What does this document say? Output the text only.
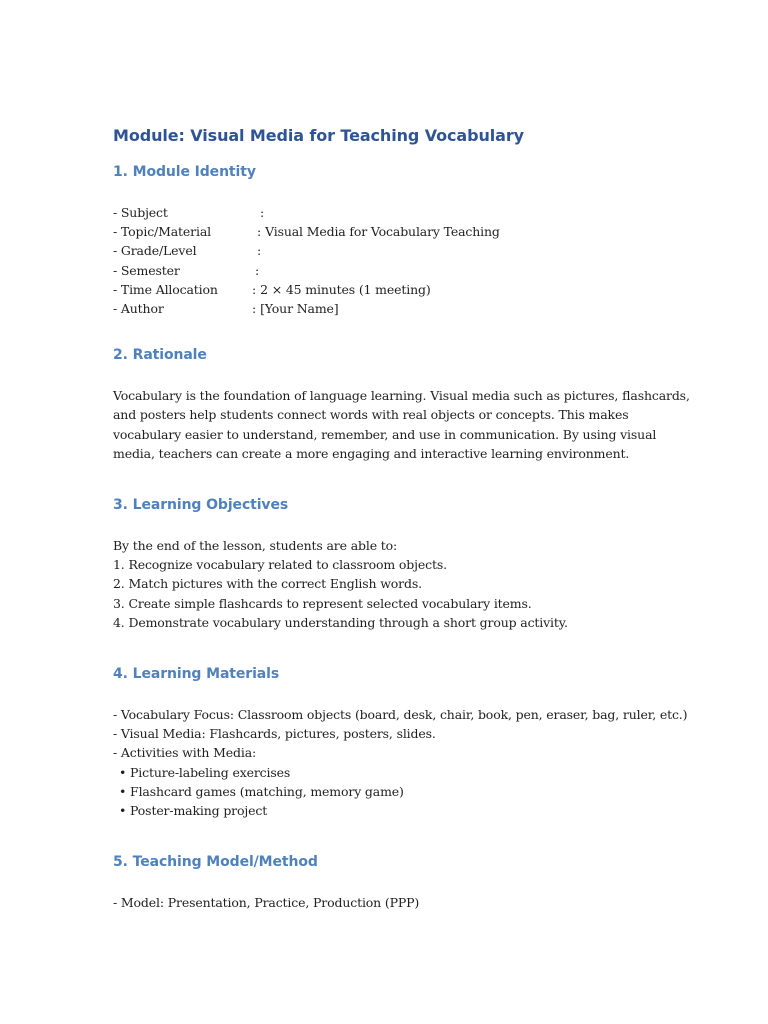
Module: Visual Media for Teaching Vocabulary
1. Module Identity
- Subject	:
- Topic/Material	: Visual Media for Vocabulary Teaching
- Grade/Level	:
- Semester	:
- Time Allocation	: 2 × 45 minutes (1 meeting)
- Author	: [Your Name]
2. Rationale
Vocabulary is the foundation of language learning. Visual media such as pictures, flashcards,
and posters help students connect words with real objects or concepts. This makes
vocabulary easier to understand, remember, and use in communication. By using visual
media, teachers can create a more engaging and interactive learning environment.
3. Learning Objectives
By the end of the lesson, students are able to:
1. Recognize vocabulary related to classroom objects.
2. Match pictures with the correct English words.
3. Create simple flashcards to represent selected vocabulary items.
4. Demonstrate vocabulary understanding through a short group activity.
4. Learning Materials
- Vocabulary Focus: Classroom objects (board, desk, chair, book, pen, eraser, bag, ruler, etc.)
- Visual Media: Flashcards, pictures, posters, slides.
- Activities with Media:
• Picture-labeling exercises
• Flashcard games (matching, memory game)
• Poster-making project
5. Teaching Model/Method
- Model: Presentation, Practice, Production (PPP)
